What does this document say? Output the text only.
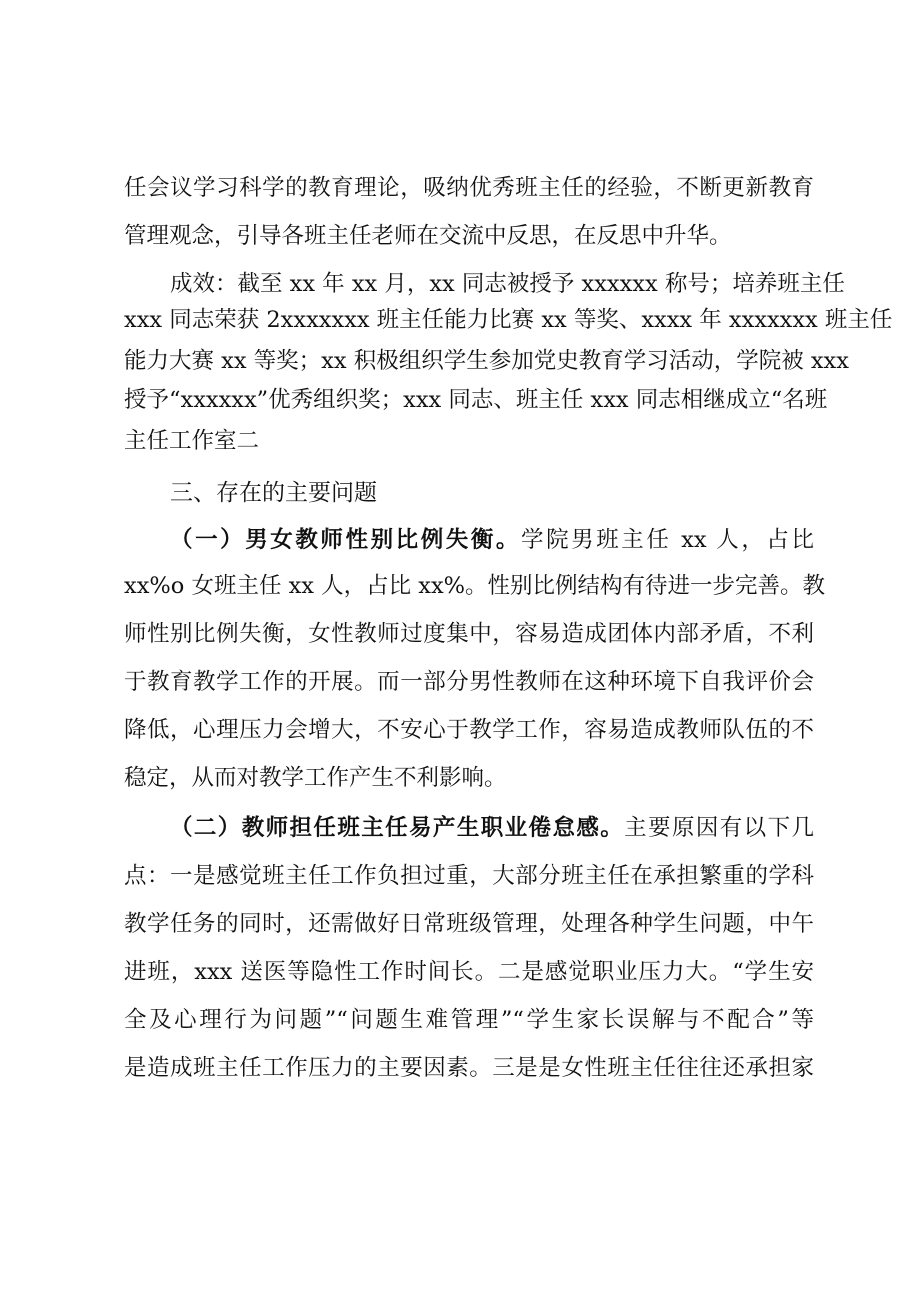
任会议学习科学的教育理论，吸纳优秀班主任的经验，不断更新教育
管理观念，引导各班主任老师在交流中反思，在反思中升华。
成效：截至 xx 年 xx 月，xx 同志被授予 xxxxxx 称号；培养班主任
xxx 同志荣获 2xxxxxxx 班主任能力比赛 xx 等奖、xxxx 年 xxxxxxx 班主任
能力大赛 xx 等奖；xx 积极组织学生参加党史教育学习活动，学院被 xxx
授予“xxxxxx”优秀组织奖；xxx 同志、班主任 xxx 同志相继成立“名班
主任工作室二
三、存在的主要问题
（一）男女教师性别比例失衡。学院男班主任 xx 人，占比
xx%o 女班主任 xx 人，占比 xx%。性别比例结构有待进一步完善。教
师性别比例失衡，女性教师过度集中，容易造成团体内部矛盾，不利
于教育教学工作的开展。而一部分男性教师在这种环境下自我评价会
降低，心理压力会增大，不安心于教学工作，容易造成教师队伍的不
稳定，从而对教学工作产生不利影响。
（二）教师担任班主任易产生职业倦怠感。主要原因有以下几
点：一是感觉班主任工作负担过重，大部分班主任在承担繁重的学科
教学任务的同时，还需做好日常班级管理，处理各种学生问题，中午
进班，xxx 送医等隐性工作时间长。二是感觉职业压力大。“学生安
全及心理行为问题”“问题生难管理”“学生家长误解与不配合”等
是造成班主任工作压力的主要因素。三是是女性班主任往往还承担家
